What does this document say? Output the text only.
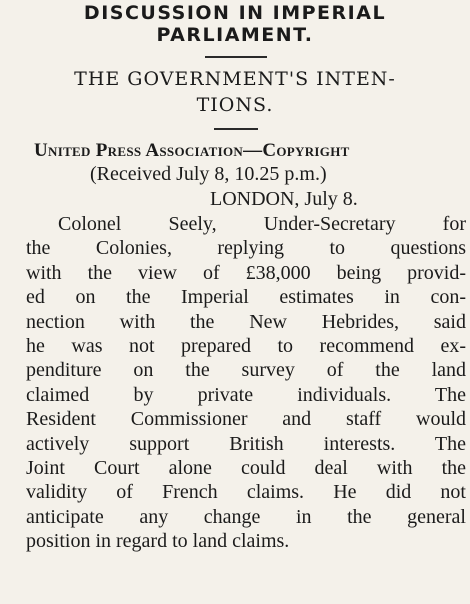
DISCUSSION IN IMPERIAL
PARLIAMENT.
THE GOVERNMENT'S INTEN-
TIONS.
United Press Association—Copyright
(Received July 8, 10.25 p.m.)
LONDON, July 8.
Colonel Seely, Under-Secretary for
the Colonies, replying to questions
with the view of £38,000 being provid-
ed on the Imperial estimates in con-
nection with the New Hebrides, said
he was not prepared to recommend ex-
penditure on the survey of the land
claimed by private individuals. The
Resident Commissioner and staff would
actively support British interests. The
Joint Court alone could deal with the
validity of French claims. He did not
anticipate any change in the general
position in regard to land claims.
